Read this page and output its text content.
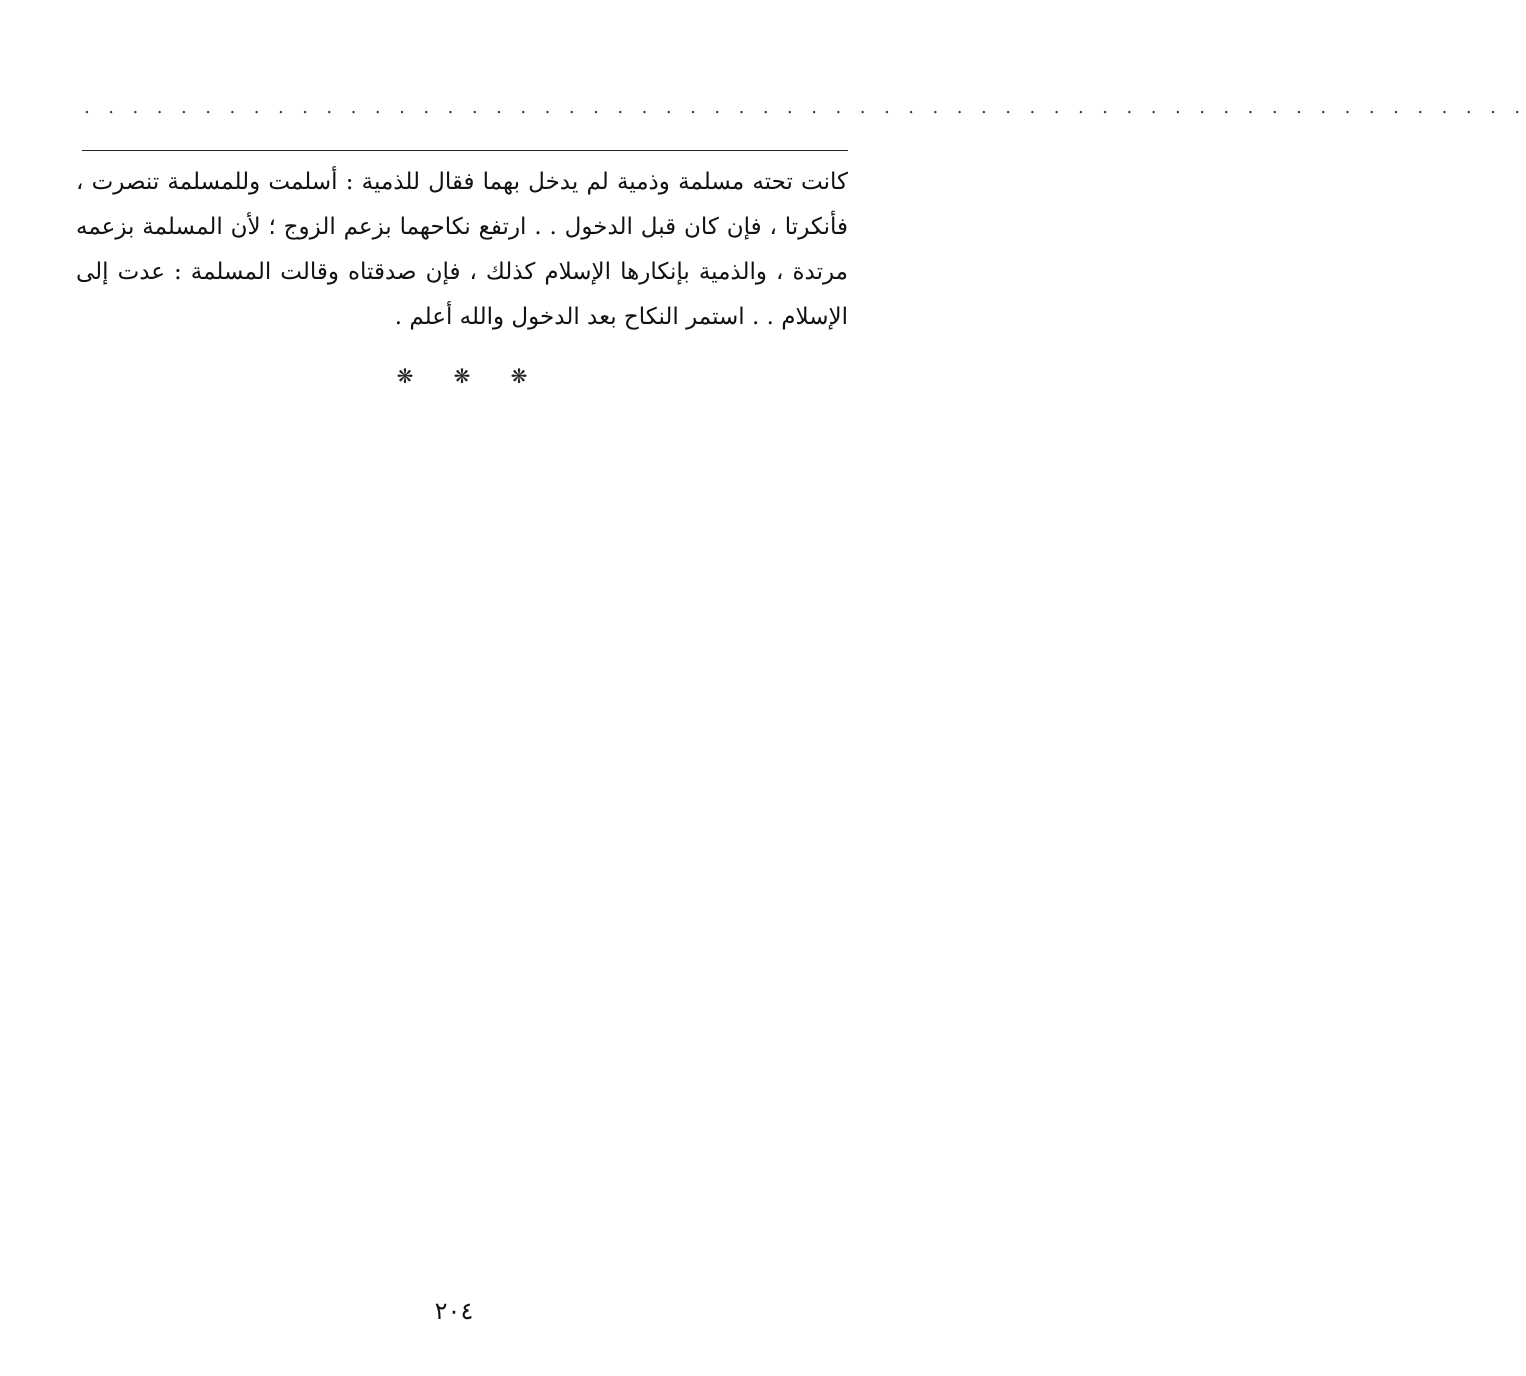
. . . . . . . . . . . . . . . . . . . . . . . . . . . . . . . . . . . . . . . . . . . . . . . . . . . . . . . . . . . .
كانت تحته مسلمة وذمية لم يدخل بهما فقال للذمية : أسلمت وللمسلمة تنصرت ،
فأنكرتا ، فإن كان قبل الدخول . . ارتفع نكاحهما بزعم الزوج ؛ لأن المسلمة بزعمه
مرتدة ، والذمية بإنكارها الإسلام كذلك ، فإن صدقتاه وقالت المسلمة : عدت إلى
الإسلام . . استمر النكاح بعد الدخول والله أعلم .
❋ ❋ ❋
٢٠٤
